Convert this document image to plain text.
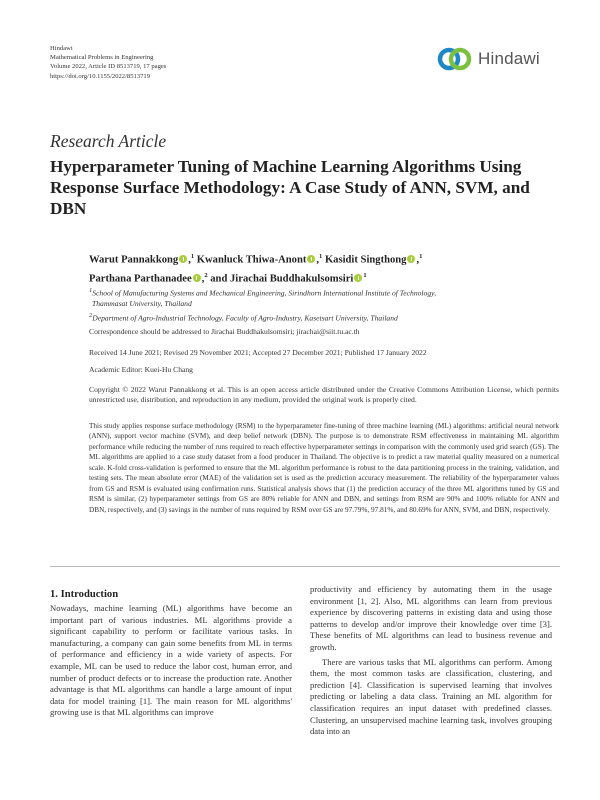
Hindawi
Mathematical Problems in Engineering
Volume 2022, Article ID 8513719, 17 pages
https://doi.org/10.1155/2022/8513719
Hindawi
Research Article
Hyperparameter Tuning of Machine Learning Algorithms Using Response Surface Methodology: A Case Study of ANN, SVM, and DBN
Warut Pannakkong ,$^1$ Kwanluck Thiwa-Anont ,$^1$ Kasidit Singthong ,$^1$
Parthana Parthanadee ,$^2$ and Jirachai Buddhakulsomsiri $^1$

$^1$School of Manufacturing Systems and Mechanical Engineering, Sirindhorn International Institute of Technology,
Thammasat University, Thailand

$^2$Department of Agro-Industrial Technology, Faculty of Agro-Industry, Kasetsart University, Thailand

Correspondence should be addressed to Jirachai Buddhakulsomsiri; jirachai@siit.tu.ac.th
Received 14 June 2021; Revised 29 November 2021; Accepted 27 December 2021; Published 17 January 2022
Academic Editor: Kuei-Hu Chang

Copyright © 2022 Warut Pannakkong et al. This is an open access article distributed under the Creative Commons Attribution License, which permits unrestricted use, distribution, and reproduction in any medium, provided the original work is properly cited.

This study applies response surface methodology (RSM) to the hyperparameter fine-tuning of three machine learning (ML) algorithms: artificial neural network (ANN), support vector machine (SVM), and deep belief network (DBN). The purpose is to demonstrate RSM effectiveness in maintaining ML algorithm performance while reducing the number of runs required to reach effective hyperparameter settings in comparison with the commonly used grid search (GS). The ML algorithms are applied to a case study dataset from a food producer in Thailand. The objective is to predict a raw material quality measured on a numerical scale. K-fold cross-validation is performed to ensure that the ML algorithm performance is robust to the data partitioning process in the training, validation, and testing sets. The mean absolute error (MAE) of the validation set is used as the prediction accuracy measurement. The reliability of the hyperparameter values from GS and RSM is evaluated using confirmation runs. Statistical analysis shows that (1) the prediction accuracy of the three ML algorithms tuned by GS and RSM is similar, (2) hyperparameter settings from GS are 80% reliable for ANN and DBN, and settings from RSM are 90% and 100% reliable for ANN and DBN, respectively, and (3) savings in the number of runs required by RSM over GS are 97.79%, 97.81%, and 80.69% for ANN, SVM, and DBN, respectively.

1. Introduction

Nowadays, machine learning (ML) algorithms have become an important part of various industries. ML algorithms provide a significant capability to perform or facilitate various tasks. In manufacturing, a company can gain some benefits from ML in terms of performance and efficiency in a wide variety of aspects. For example, ML can be used to reduce the labor cost, human error, and number of product defects or to increase the production rate. Another advantage is that ML algorithms can handle a large amount of input data for model training [1]. The main reason for ML algorithms' growing use is that ML algorithms can improve

productivity and efficiency by automating them in the usage environment [1, 2]. Also, ML algorithms can learn from previous experience by discovering patterns in existing data and using those patterns to develop and/or improve their knowledge over time [3]. These benefits of ML algorithms can lead to business revenue and growth.

There are various tasks that ML algorithms can perform. Among them, the most common tasks are classification, clustering, and prediction [4]. Classification is supervised learning that involves predicting or labeling a data class. Training an ML algorithm for classification requires an input dataset with predefined classes. Clustering, an unsupervised machine learning task, involves grouping data into an
